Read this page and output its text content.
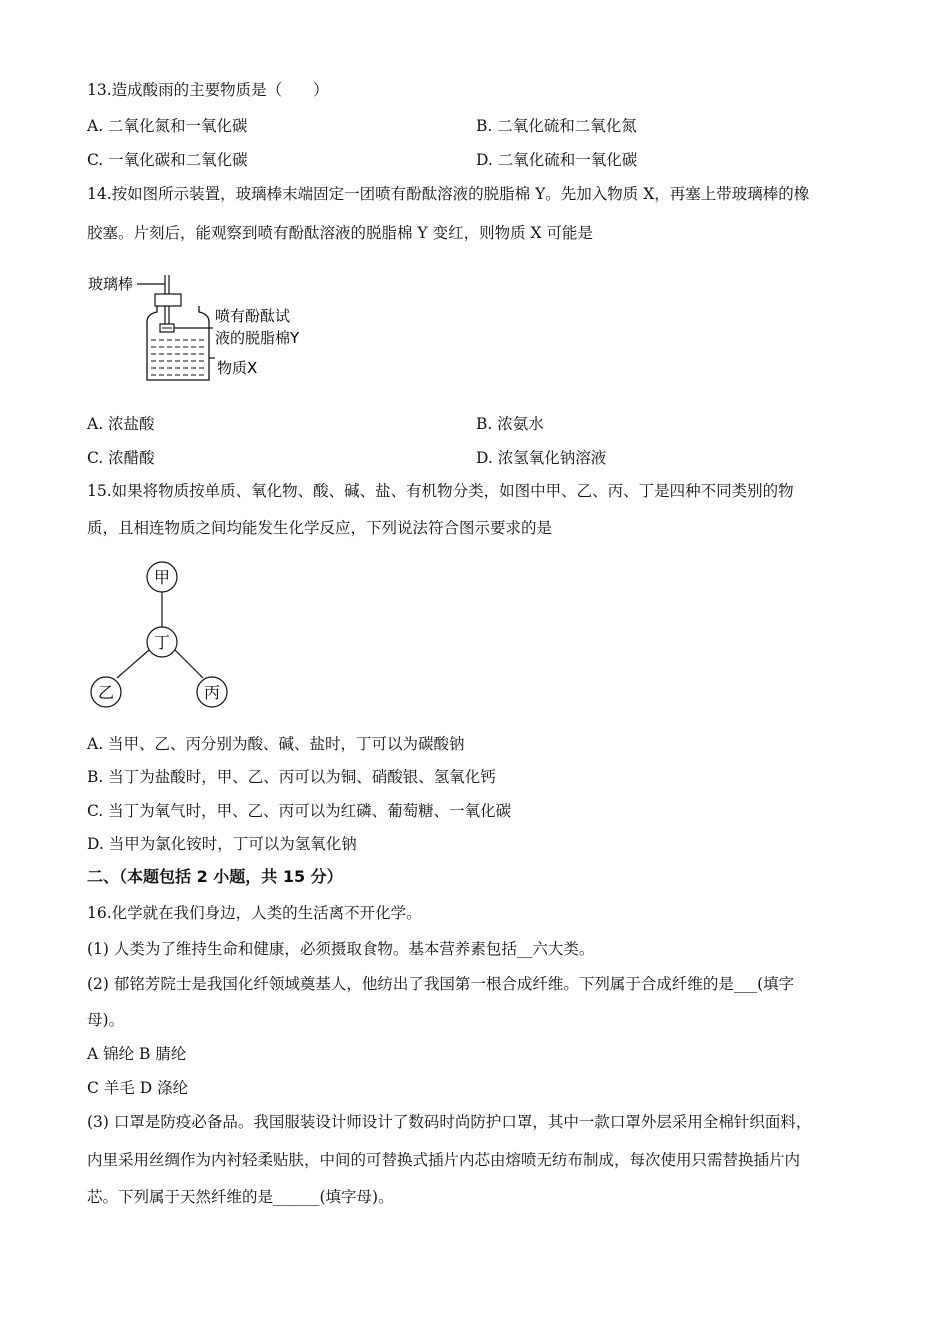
13.造成酸雨的主要物质是（　　）
A. 二氧化氮和一氧化碳	B. 二氧化硫和二氧化氮
C. 一氧化碳和二氧化碳	D. 二氧化硫和一氧化碳
14.按如图所示装置，玻璃棒末端固定一团喷有酚酞溶液的脱脂棉 Y。先加入物质 X，再塞上带玻璃棒的橡
胶塞。片刻后，能观察到喷有酚酞溶液的脱脂棉 Y 变红，则物质 X 可能是
玻璃棒
喷有酚酞试
液的脱脂棉Y
物质X
A. 浓盐酸	B. 浓氨水
C. 浓醋酸	D. 浓氢氧化钠溶液
15.如果将物质按单质、氧化物、酸、碱、盐、有机物分类，如图中甲、乙、丙、丁是四种不同类别的物
质，且相连物质之间均能发生化学反应，下列说法符合图示要求的是
甲
丁
乙	丙
A. 当甲、乙、丙分别为酸、碱、盐时，丁可以为碳酸钠
B. 当丁为盐酸时，甲、乙、丙可以为铜、硝酸银、氢氧化钙
C. 当丁为氧气时，甲、乙、丙可以为红磷、葡萄糖、一氧化碳
D. 当甲为氯化铵时，丁可以为氢氧化钠
二、（本题包括 2 小题，共 15 分）
16.化学就在我们身边，人类的生活离不开化学。
(1) 人类为了维持生命和健康，必须摄取食物。基本营养素包括__六大类。
(2) 郁铭芳院士是我国化纤领域奠基人，他纺出了我国第一根合成纤维。下列属于合成纤维的是___(填字
母)。
A 锦纶 B 腈纶
C 羊毛 D 涤纶
(3) 口罩是防疫必备品。我国服装设计师设计了数码时尚防护口罩，其中一款口罩外层采用全棉针织面料，
内里采用丝绸作为内衬轻柔贴肤，中间的可替换式插片内芯由熔喷无纺布制成，每次使用只需替换插片内
芯。下列属于天然纤维的是______(填字母)。
